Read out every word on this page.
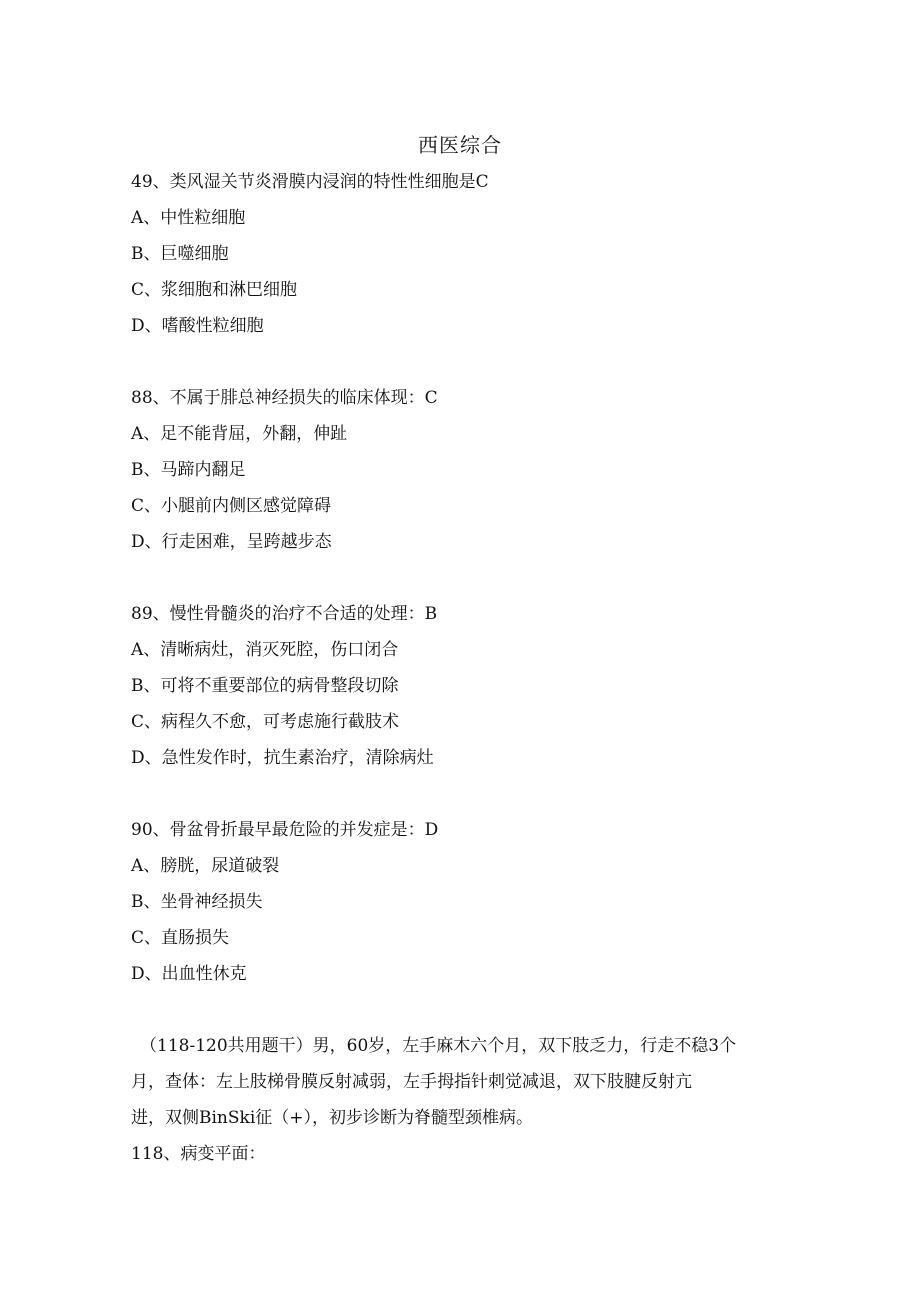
西医综合
49、类风湿关节炎滑膜内浸润的特性性细胞是C
A、中性粒细胞
B、巨噬细胞
C、浆细胞和淋巴细胞
D、嗜酸性粒细胞
88、不属于腓总神经损失的临床体现：C
A、足不能背屈，外翻，伸趾
B、马蹄内翻足
C、小腿前内侧区感觉障碍
D、行走困难，呈跨越步态
89、慢性骨髓炎的治疗不合适的处理：B
A、清晰病灶，消灭死腔，伤口闭合
B、可将不重要部位的病骨整段切除
C、病程久不愈，可考虑施行截肢术
D、急性发作时，抗生素治疗，清除病灶
90、骨盆骨折最早最危险的并发症是：D
A、膀胱，尿道破裂
B、坐骨神经损失
C、直肠损失
D、出血性休克
（118-120共用题干）男，60岁，左手麻木六个月，双下肢乏力，行走不稳3个
月，查体：左上肢梯骨膜反射减弱，左手拇指针刺觉减退，双下肢腱反射亢
进，双侧BinSki征（+），初步诊断为脊髓型颈椎病。
118、病变平面：
